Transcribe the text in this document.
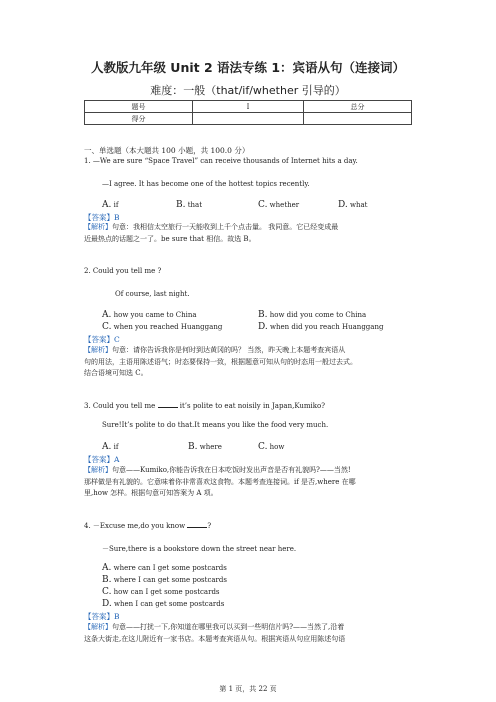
人教版九年级 Unit 2 语法专练 1：宾语从句（连接词）
难度：一般（that/if/whether 引导的）
题号	I	总分
得分		
一、单选题（本大题共 100 小题，共 100.0 分）
1. —We are sure “Space Travel” can receive thousands of Internet hits a day.
—I agree. It has become one of the hottest topics recently.
A. if	B. that	C. whether	D. what
【答案】B
【解析】句意：我相信太空旅行一天能收到上千个点击量。 我同意。它已经变成最
近最热点的话题之一了。be sure that 相信。故选 B。
2. Could you tell me ?
Of course, last night.
A. how you came to China	B. how did you come to China
C. when you reached Huanggang	D. when did you reach Huanggang
【答案】C
【解析】句意：请你告诉我你是何时到达黄冈的吗？ 当然，昨天晚上本题考查宾语从
句的用法，主语用陈述语气；时态要保持一致，根据题意可知从句的时态用一般过去式。
结合语境可知选 C。
3. Could you tell me	it’s polite to eat noisily in Japan,Kumiko?
Sure!It’s polite to do that.It means you like the food very much.
A. if	B. where	C. how
【答案】A
【解析】句意——Kumiko,你能告诉我在日本吃饭时发出声音是否有礼貌吗?——当然!
那样做是有礼貌的。它意味着你非常喜欢这食物。本题考查连接词。if 是否,where 在哪
里,how 怎样。根据句意可知答案为 A 项。
4. －Excuse me,do you know	?
－Sure,there is a bookstore down the street near here.
A. where can I get some postcards
B. where I can get some postcards
C. how can I get some postcards
D. when I can get some postcards
【答案】B
【解析】句意——打扰一下,你知道在哪里我可以买到一些明信片吗?——当然了,沿着
这条大街走,在这儿附近有一家书店。本题考查宾语从句。根据宾语从句应用陈述句语
第 1 页，共 22 页
